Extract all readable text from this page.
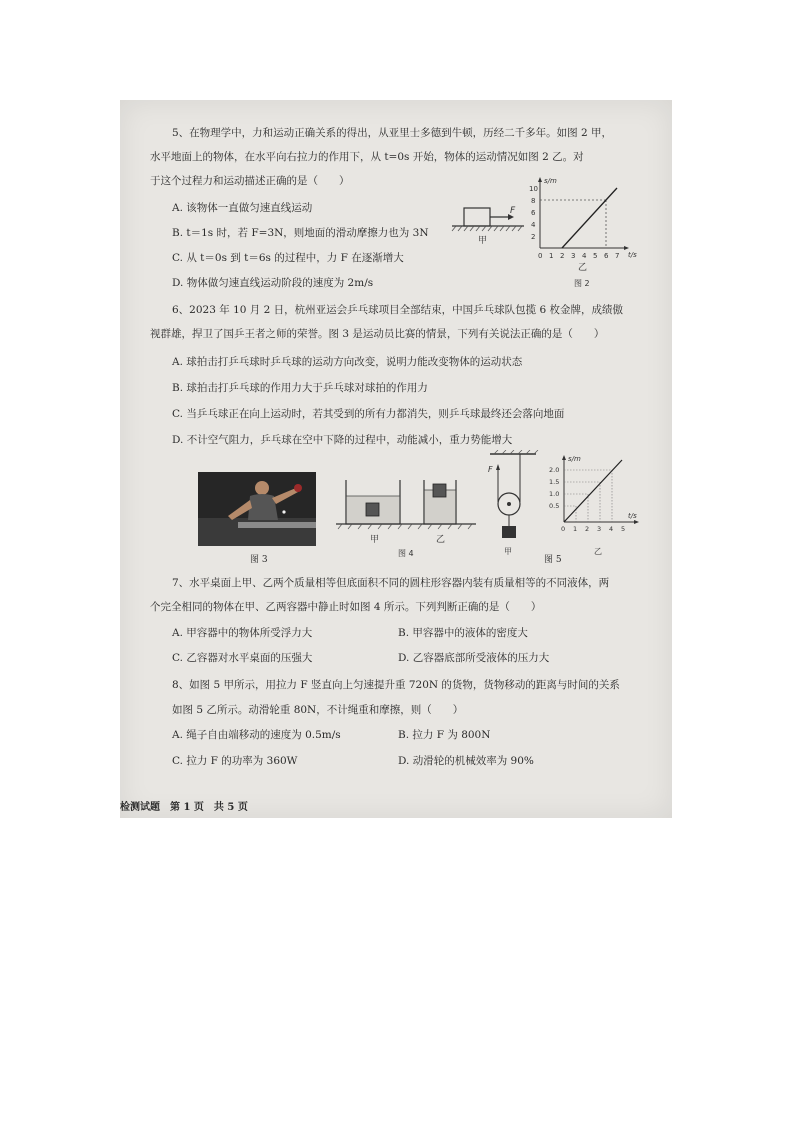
5、在物理学中，力和运动正确关系的得出，从亚里士多德到牛顿，历经二千多年。如图 2 甲，
水平地面上的物体，在水平向右拉力的作用下，从 t=0s 开始，物体的运动情况如图 2 乙。对
于这个过程力和运动描述正确的是（　　）
A. 该物体一直做匀速直线运动
B. t＝1s 时，若 F=3N，则地面的滑动摩擦力也为 3N
C. 从 t＝0s 到 t＝6s 的过程中，力 F 在逐渐增大
D. 物体做匀速直线运动阶段的速度为 2m/s
F
甲
s/m
t/s
10
8
6
4
2
0 1 2 3 4 5 6 7
乙
图 2
6、2023 年 10 月 2 日，杭州亚运会乒乓球项目全部结束，中国乒乓球队包揽 6 枚金牌，成绩傲
视群雄，捍卫了国乒王者之师的荣誉。图 3 是运动员比赛的情景，下列有关说法正确的是（　　）
A. 球拍击打乒乓球时乒乓球的运动方向改变，说明力能改变物体的运动状态
B. 球拍击打乒乓球的作用力大于乒乓球对球拍的作用力
C. 当乒乓球正在向上运动时，若其受到的所有力都消失，则乒乓球最终还会落向地面
D. 不计空气阻力，乒乓球在空中下降的过程中，动能减小，重力势能增大
图 3
甲	乙
图 4
F
甲
s/m
t/s
2.0
1.5
1.0
0.5
0 1 2 3 4 5
乙
图 5
7、水平桌面上甲、乙两个质量相等但底面积不同的圆柱形容器内装有质量相等的不同液体，两
个完全相同的物体在甲、乙两容器中静止时如图 4 所示。下列判断正确的是（　　）
A. 甲容器中的物体所受浮力大	B. 甲容器中的液体的密度大
C. 乙容器对水平桌面的压强大	D. 乙容器底部所受液体的压力大
8、如图 5 甲所示，用拉力 F 竖直向上匀速提升重 720N 的货物，货物移动的距离与时间的关系
如图 5 乙所示。动滑轮重 80N，不计绳重和摩擦，则（　　）
A. 绳子自由端移动的速度为 0.5m/s	B. 拉力 F 为 800N
C. 拉力 F 的功率为 360W	D. 动滑轮的机械效率为 90%
检测试题　第 1 页　共 5 页
